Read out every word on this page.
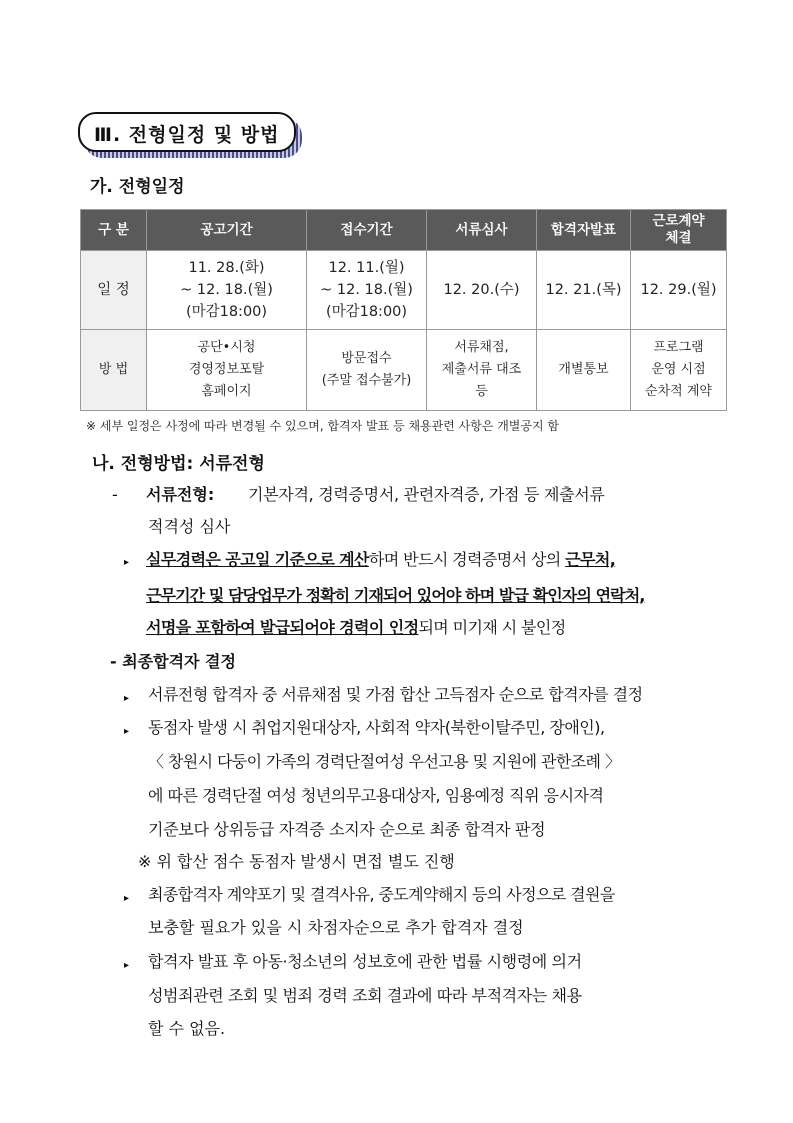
Ⅲ. 전형일정 및 방법
가. 전형일정
구 분	공고기간	접수기간	서류심사	합격자발표	근로계약
체결
일 정	11. 28.(화)
~ 12. 18.(월)
(마감18:00)	12. 11.(월)
~ 12. 18.(월)
(마감18:00)	12. 20.(수)	12. 21.(목)	12. 29.(월)
방 법	공단•시청
경영정보포탈
홈페이지	방문접수
(주말 접수불가)	서류채점,
제출서류 대조
등	개별통보	프로그램
운영 시점
순차적 계약
※ 세부 일정은 사정에 따라 변경될 수 있으며, 합격자 발표 등 채용관련 사항은 개별공지 함
나. 전형방법: 서류전형
- 서류전형: 기본자격, 경력증명서, 관련자격증, 가점 등 제출서류
적격성 심사
▸ 실무경력은 공고일 기준으로 계산하며 반드시 경력증명서 상의 근무처,
근무기간 및 담당업무가 정확히 기재되어 있어야 하며 발급 확인자의 연락처,
서명을 포함하여 발급되어야 경력이 인정되며 미기재 시 불인정
- 최종합격자 결정
▸ 서류전형 합격자 중 서류채점 및 가점 합산 고득점자 순으로 합격자를 결정
▸ 동점자 발생 시 취업지원대상자, 사회적 약자(북한이탈주민, 장애인),
〈 창원시 다둥이 가족의 경력단절여성 우선고용 및 지원에 관한조례 〉
에 따른 경력단절 여성 청년의무고용대상자, 임용예정 직위 응시자격
기준보다 상위등급 자격증 소지자 순으로 최종 합격자 판정
※ 위 합산 점수 동점자 발생시 면접 별도 진행
▸ 최종합격자 계약포기 및 결격사유, 중도계약해지 등의 사정으로 결원을
보충할 필요가 있을 시 차점자순으로 추가 합격자 결정
▸ 합격자 발표 후 아동·청소년의 성보호에 관한 법률 시행령에 의거
성범죄관련 조회 및 범죄 경력 조회 결과에 따라 부적격자는 채용
할 수 없음.
